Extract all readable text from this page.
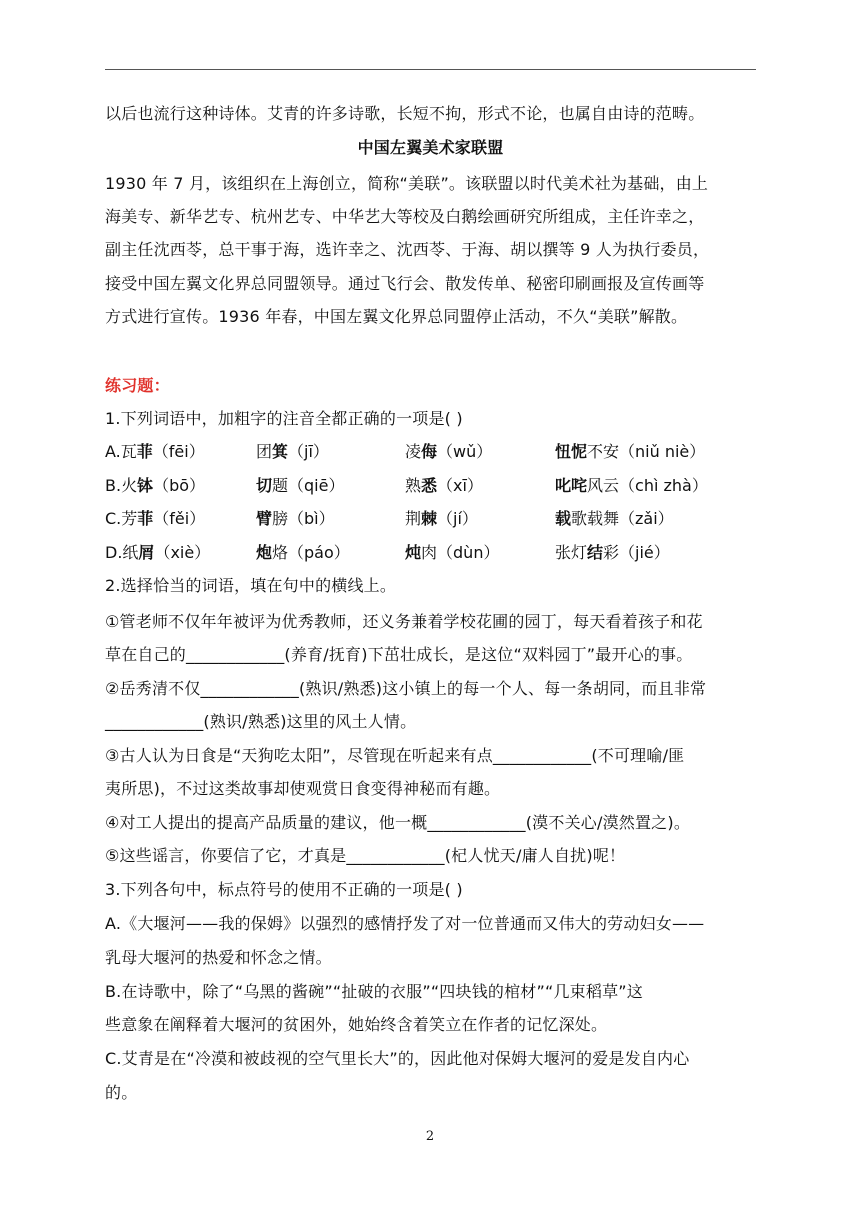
以后也流行这种诗体。艾青的许多诗歌，长短不拘，形式不论，也属自由诗的范畴。
中国左翼美术家联盟
1930 年 7 月，该组织在上海创立，简称“美联”。该联盟以时代美术社为基础，由上
海美专、新华艺专、杭州艺专、中华艺大等校及白鹅绘画研究所组成，主任许幸之，
副主任沈西苓，总干事于海，选许幸之、沈西苓、于海、胡以撰等 9 人为执行委员，
接受中国左翼文化界总同盟领导。通过飞行会、散发传单、秘密印刷画报及宣传画等
方式进行宣传。1936 年春，中国左翼文化界总同盟停止活动，不久“美联”解散。
练习题：
1.下列词语中，加粗字的注音全都正确的一项是( )
A.瓦菲（fēi）	团箕（jī）	凌侮（wǔ）	忸怩不安（niǔ niè）
B.火钵（bō）	切题（qiē）	熟悉（xī）	叱咤风云（chì zhà）
C.芳菲（fěi）	臂膀（bì）	荆棘（jí）	载歌载舞（zǎi）
D.纸屑（xiè）	炮烙（páo）	炖肉（dùn）	张灯结彩（jié）
2.选择恰当的词语，填在句中的横线上。
①管老师不仅年年被评为优秀教师，还义务兼着学校花圃的园丁，每天看着孩子和花
草在自己的____________(养育/抚育)下茁壮成长，是这位“双料园丁”最开心的事。
②岳秀清不仅____________(熟识/熟悉)这小镇上的每一个人、每一条胡同，而且非常
____________(熟识/熟悉)这里的风土人情。
③古人认为日食是“天狗吃太阳”，尽管现在听起来有点____________(不可理喻/匪
夷所思)，不过这类故事却使观赏日食变得神秘而有趣。
④对工人提出的提高产品质量的建议，他一概____________(漠不关心/漠然置之)。
⑤这些谣言，你要信了它，才真是____________(杞人忧天/庸人自扰)呢！
3.下列各句中，标点符号的使用不正确的一项是( )
A.《大堰河——我的保姆》以强烈的感情抒发了对一位普通而又伟大的劳动妇女——
乳母大堰河的热爱和怀念之情。
B.在诗歌中，除了“乌黑的酱碗”“扯破的衣服”“四块钱的棺材”“几束稻草”这
些意象在阐释着大堰河的贫困外，她始终含着笑立在作者的记忆深处。
C.艾青是在“冷漠和被歧视的空气里长大”的，因此他对保姆大堰河的爱是发自内心
的。
2
